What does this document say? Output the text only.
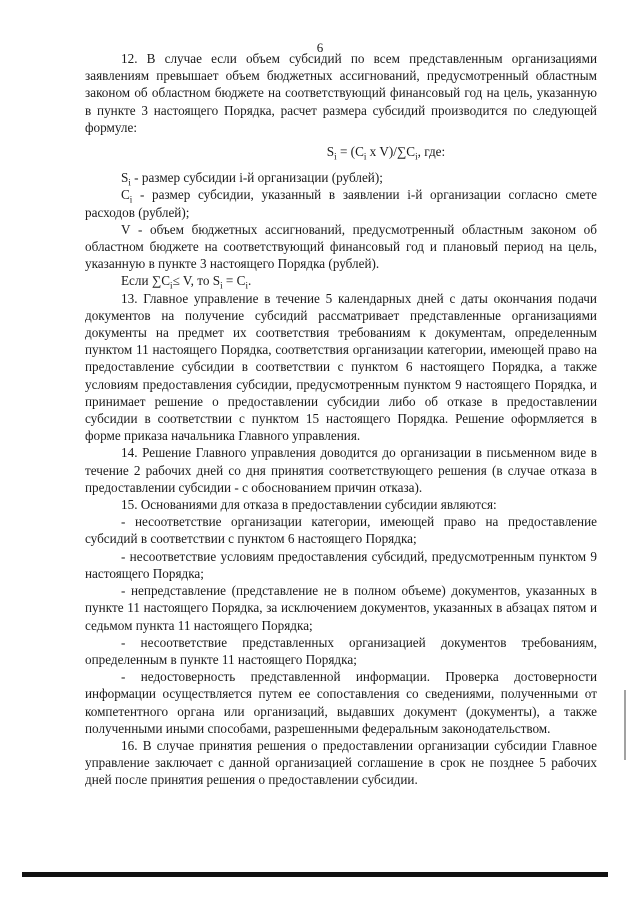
6

12. В случае если объем субсидий по всем представленным организациями заявлениям превышает объем бюджетных ассигнований, предусмотренный областным законом об областном бюджете на соответствующий финансовый год на цель, указанную в пункте 3 настоящего Порядка, расчет размера субсидий производится по следующей формуле:

$S_i = (C_i$ x $V)/\sum C_i$, где:

$S_i$ - размер субсидии i-й организации (рублей);

$C_i$ - размер субсидии, указанный в заявлении i-й организации согласно смете расходов (рублей);

V - объем бюджетных ассигнований, предусмотренный областным законом об областном бюджете на соответствующий финансовый год и плановый период на цель, указанную в пункте 3 настоящего Порядка (рублей).

Если $\sum C_i\le V$, то $S_i = C_i$.

13. Главное управление в течение 5 календарных дней с даты окончания подачи документов на получение субсидий рассматривает представленные организациями документы на предмет их соответствия требованиям к документам, определенным пунктом 11 настоящего Порядка, соответствия организации категории, имеющей право на предоставление субсидии в соответствии с пунктом 6 настоящего Порядка, а также условиям предоставления субсидии, предусмотренным пунктом 9 настоящего Порядка, и принимает решение о предоставлении субсидии либо об отказе в предоставлении субсидии в соответствии с пунктом 15 настоящего Порядка. Решение оформляется в форме приказа начальника Главного управления.

14. Решение Главного управления доводится до организации в письменном виде в течение 2 рабочих дней со дня принятия соответствующего решения (в случае отказа в предоставлении субсидии - с обоснованием причин отказа).

15. Основаниями для отказа в предоставлении субсидии являются:

- несоответствие организации категории, имеющей право на предоставление субсидий в соответствии с пунктом 6 настоящего Порядка;

- несоответствие условиям предоставления субсидий, предусмотренным пунктом 9 настоящего Порядка;

- непредставление (представление не в полном объеме) документов, указанных в пункте 11 настоящего Порядка, за исключением документов, указанных в абзацах пятом и седьмом пункта 11 настоящего Порядка;

- несоответствие представленных организацией документов требованиям, определенным в пункте 11 настоящего Порядка;

- недостоверность представленной информации. Проверка достоверности информации осуществляется путем ее сопоставления со сведениями, полученными от компетентного органа или организаций, выдавших документ (документы), а также полученными иными способами, разрешенными федеральным законодательством.

16. В случае принятия решения о предоставлении организации субсидии Главное управление заключает с данной организацией соглашение в срок не позднее 5 рабочих дней после принятия решения о предоставлении субсидии.
